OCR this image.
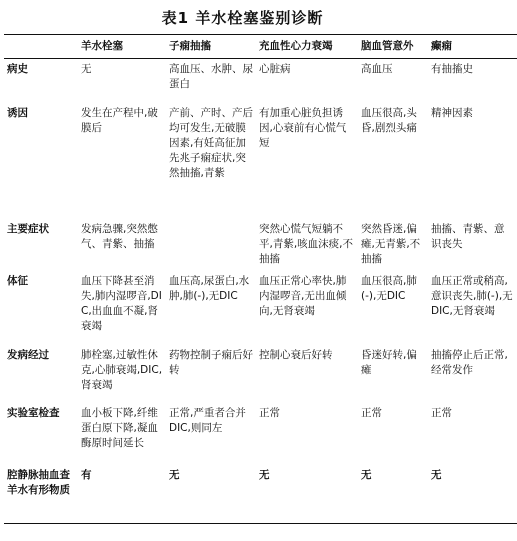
表1 羊水栓塞鉴别诊断
	羊水栓塞	子痫抽搐	充血性心力衰竭	脑血管意外	癫痫
病史	无	高血压、水肿、尿蛋白	心脏病	高血压	有抽搐史
诱因	发生在产程中,破膜后	产前、产时、产后均可发生,无破膜因素,有妊高征加先兆子痫症状,突然抽搐,青紫	有加重心脏负担诱因,心衰前有心慌气短	血压很高,头昏,剧烈头痛	精神因素
主要症状	发病急骤,突然憋气、青紫、抽搐		突然心慌气短躺不平,青紫,咳血沫痰,不抽搐	突然昏迷,偏瘫,无青紫,不抽搐	抽搐、青紫、意识丧失
体征	血压下降甚至消失,肺内湿啰音,DIC,出血血不凝,肾衰竭	血压高,尿蛋白,水肿,肺(-),无DIC	血压正常心率快,肺内湿啰音,无出血倾向,无肾衰竭	血压很高,肺(-),无DIC	血压正常或稍高,意识丧失,肺(-),无DIC,无肾衰竭
发病经过	肺栓塞,过敏性休克,心肺衰竭,DIC,肾衰竭	药物控制子痫后好转	控制心衰后好转	昏迷好转,偏瘫	抽搐停止后正常,经常发作
实验室检查	血小板下降,纤维蛋白原下降,凝血酶原时间延长	正常,严重者合并DIC,则同左	正常	正常	正常
腔静脉抽血查羊水有形物质	有	无	无	无	无
